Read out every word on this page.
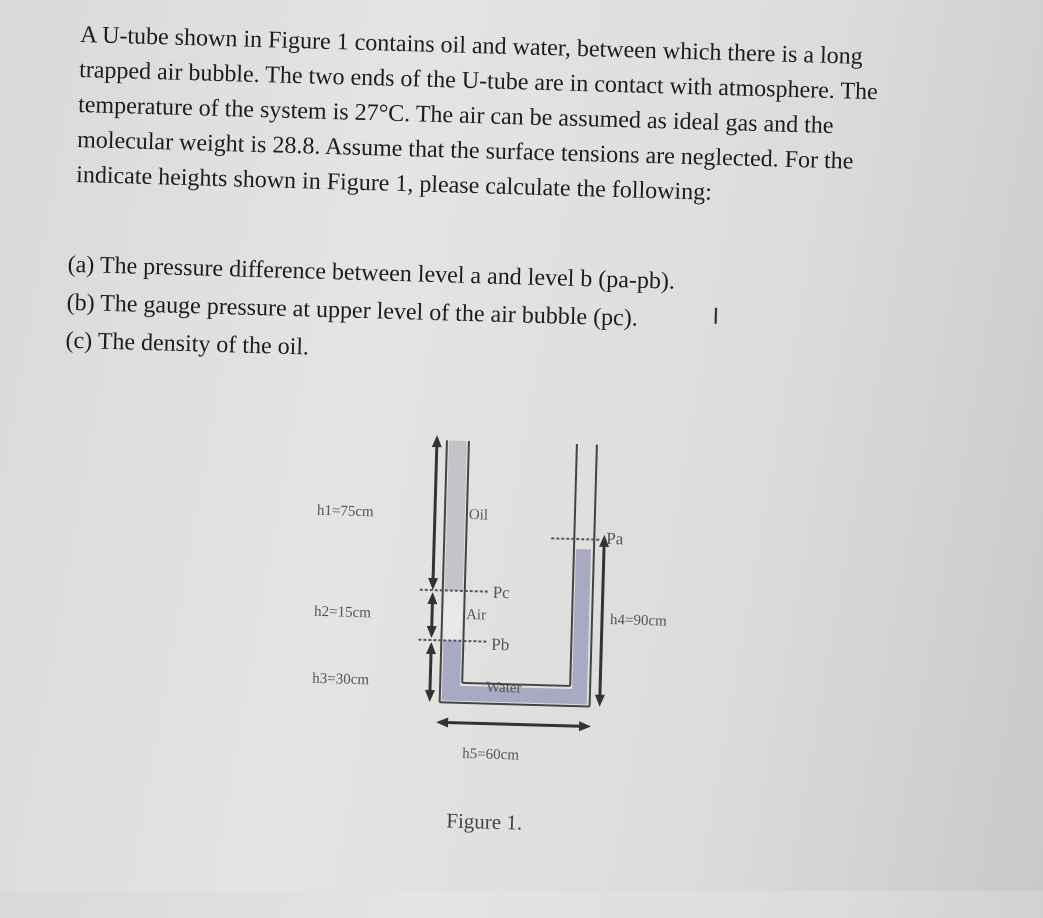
A U-tube shown in Figure 1 contains oil and water, between which there is a long
trapped air bubble. The two ends of the U-tube are in contact with atmosphere. The
temperature of the system is 27°C. The air can be assumed as ideal gas and the
molecular weight is 28.8. Assume that the surface tensions are neglected. For the
indicate heights shown in Figure 1, please calculate the following:
(a) The pressure difference between level a and level b (pa-pb).
(b) The gauge pressure at upper level of the air bubble (pc).
(c) The density of the oil.
I
h1=75cm
h2=15cm
h3=30cm
h4=90cm
h5=60cm
Oil
Air
Water
Pc
Pb
Pa
Figure 1.
